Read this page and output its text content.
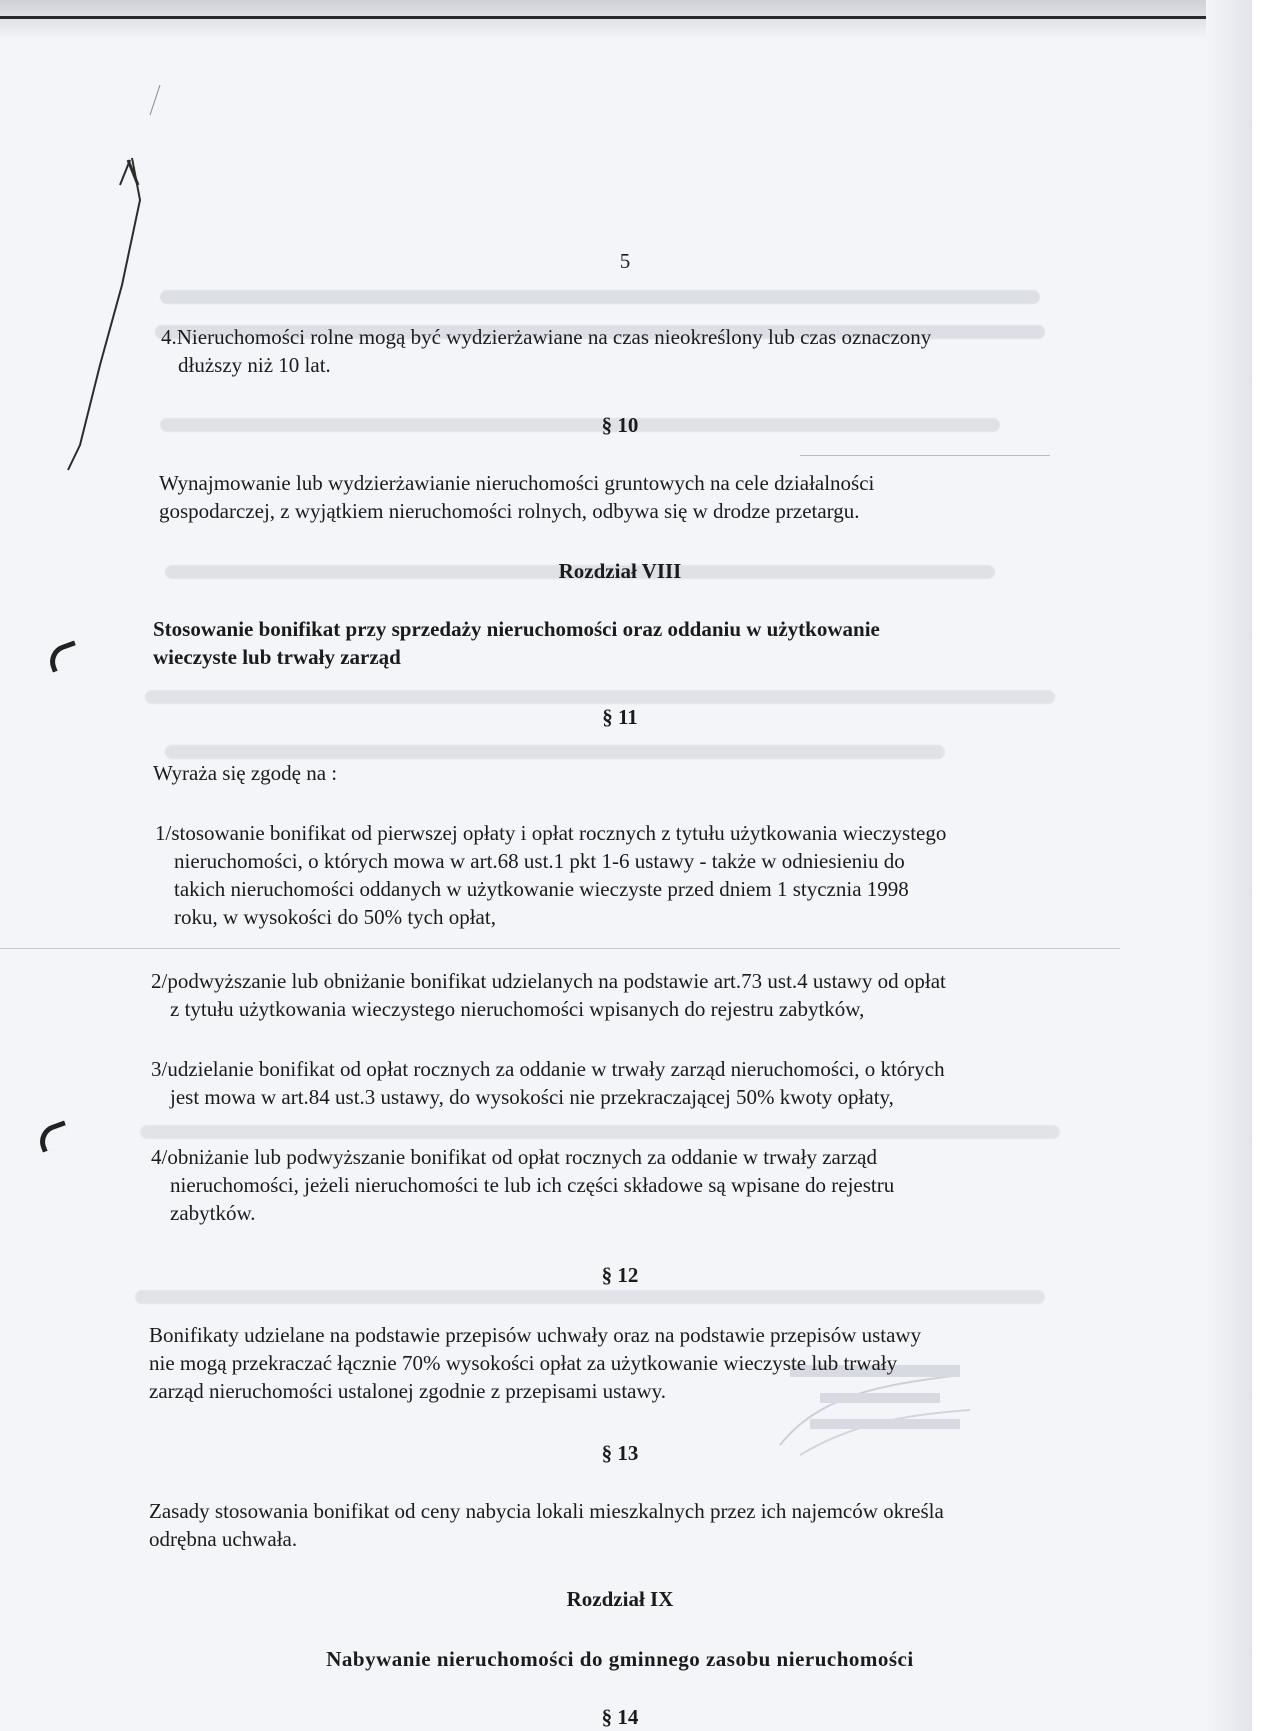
5
4.Nieruchomości rolne mogą być wydzierżawiane na czas nieokreślony lub czas oznaczony
dłuższy niż 10 lat.
§ 10
Wynajmowanie lub wydzierżawianie nieruchomości gruntowych na cele działalności
gospodarczej, z wyjątkiem nieruchomości rolnych, odbywa się w drodze przetargu.
Rozdział VIII
Stosowanie bonifikat przy sprzedaży nieruchomości oraz oddaniu w użytkowanie
wieczyste lub trwały zarząd
§ 11
Wyraża się zgodę na :
1/stosowanie bonifikat od pierwszej opłaty i opłat rocznych z tytułu użytkowania wieczystego
nieruchomości, o których mowa w art.68 ust.1 pkt 1-6 ustawy - także w odniesieniu do
takich nieruchomości oddanych w użytkowanie wieczyste przed dniem 1 stycznia 1998
roku, w wysokości do 50% tych opłat,
2/podwyższanie lub obniżanie bonifikat udzielanych na podstawie art.73 ust.4 ustawy od opłat
z tytułu użytkowania wieczystego nieruchomości wpisanych do rejestru zabytków,
3/udzielanie bonifikat od opłat rocznych za oddanie w trwały zarząd nieruchomości, o których
jest mowa w art.84 ust.3 ustawy, do wysokości nie przekraczającej 50% kwoty opłaty,
4/obniżanie lub podwyższanie bonifikat od opłat rocznych za oddanie w trwały zarząd
nieruchomości, jeżeli nieruchomości te lub ich części składowe są wpisane do rejestru
zabytków.
§ 12
Bonifikaty udzielane na podstawie przepisów uchwały oraz na podstawie przepisów ustawy
nie mogą przekraczać łącznie 70% wysokości opłat za użytkowanie wieczyste lub trwały
zarząd nieruchomości ustalonej zgodnie z przepisami ustawy.
§ 13
Zasady stosowania bonifikat od ceny nabycia lokali mieszkalnych przez ich najemców określa
odrębna uchwała.
Rozdział IX
Nabywanie nieruchomości do gminnego zasobu nieruchomości
§ 14
